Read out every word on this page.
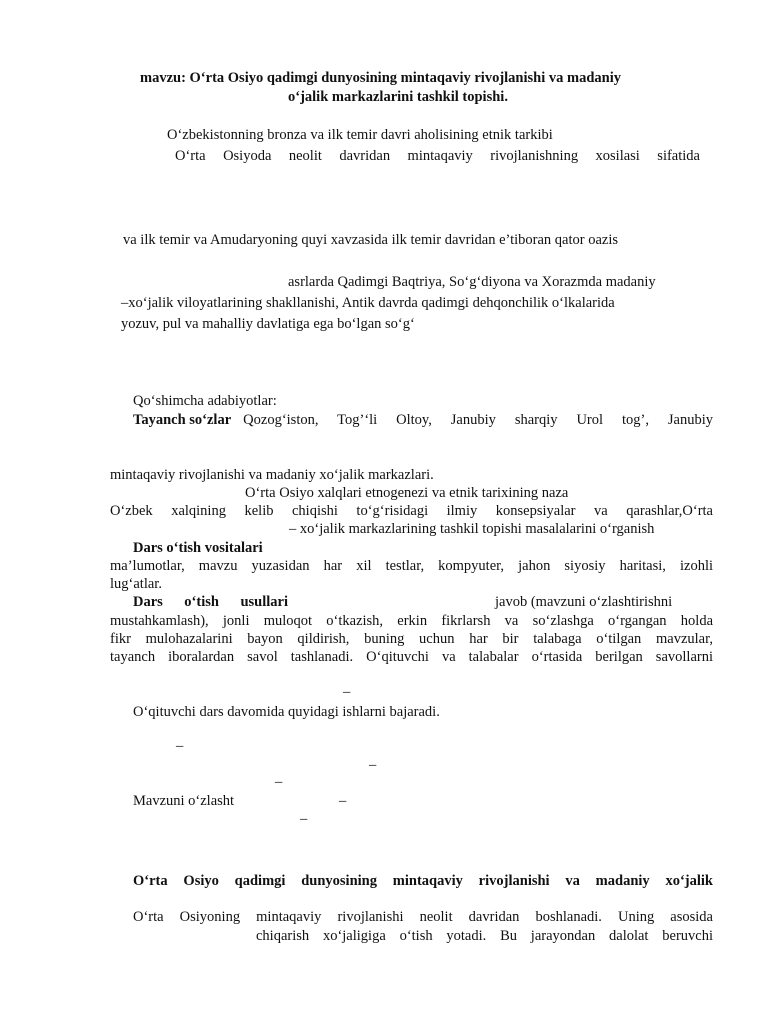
mavzu: O‘rta Osiyo qadimgi dunyosining mintaqaviy rivojlanishi va madaniy
o‘jalik markazlarini tashkil topishi.
O‘zbekistonning bronza va ilk temir davri aholisining etnik tarkibi
O‘rta Osiyoda neolit davridan mintaqaviy rivojlanishning xosilasi sifatida
va ilk temir va Amudaryoning quyi xavzasida ilk temir davridan e’tiboran qator oazis
asrlarda Qadimgi Baqtriya, So‘g‘diyona va Xorazmda madaniy
–xo‘jalik viloyatlarining shakllanishi, Antik davrda qadimgi dehqonchilik o‘lkalarida
yozuv, pul va mahalliy davlatiga ega bo‘lgan so‘g‘
Qo‘shimcha adabiyotlar:
Tayanch so‘zlar Qozog‘iston, Tog’‘li Oltoy, Janubiy sharqiy Urol tog’, Janubiy
mintaqaviy rivojlanishi va madaniy xo‘jalik markazlari.
O‘rta Osiyo xalqlari etnogenezi va etnik tarixining naza
O‘zbek xalqining kelib chiqishi to‘g‘risidagi ilmiy konsepsiyalar va qarashlar,O‘rta
– xo‘jalik markazlarining tashkil topishi masalalarini o‘rganish
Dars o‘tish vositalari
ma’lumotlar, mavzu yuzasidan har xil testlar, kompyuter, jahon siyosiy haritasi, izohli
lug‘atlar.
Dars o‘tish usullari	javob (mavzuni o‘zlashtirishni
mustahkamlash), jonli muloqot o‘tkazish, erkin fikrlarsh va so‘zlashga o‘rgangan holda
fikr mulohazalarini bayon qildirish, buning uchun har bir talabaga o‘tilgan mavzular,
tayanch iboralardan savol tashlanadi. O‘qituvchi va talabalar o‘rtasida berilgan savollarni
–
O‘qituvchi dars davomida quyidagi ishlarni bajaradi.
–
–
–
Mavzuni o‘zlasht	–
–
O‘rta Osiyo qadimgi dunyosining mintaqaviy rivojlanishi va madaniy xo‘jalik
O‘rta Osiyoning mintaqaviy rivojlanishi neolit davridan boshlanadi. Uning asosida
chiqarish xo‘jaligiga o‘tish yotadi. Bu jarayondan dalolat beruvchi
